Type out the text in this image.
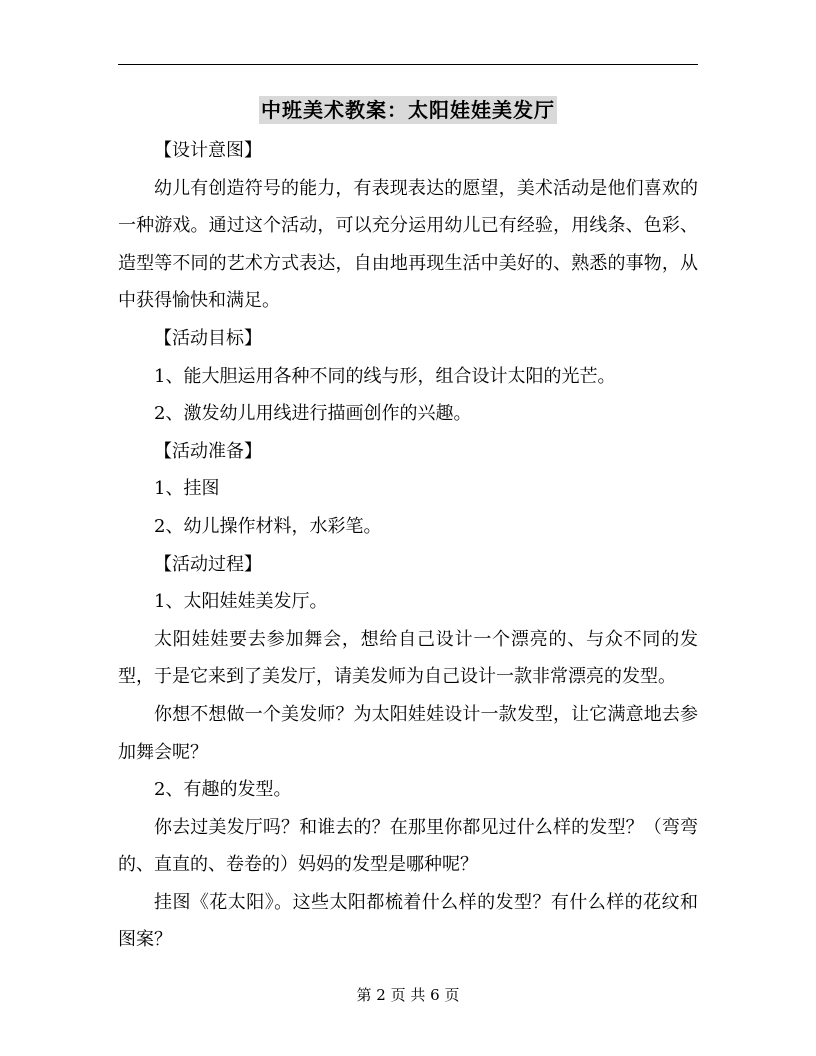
中班美术教案：太阳娃娃美发厅

【设计意图】

幼儿有创造符号的能力，有表现表达的愿望，美术活动是他们喜欢的一种游戏。通过这个活动，可以充分运用幼儿已有经验，用线条、色彩、造型等不同的艺术方式表达，自由地再现生活中美好的、熟悉的事物，从中获得愉快和满足。

【活动目标】

1、能大胆运用各种不同的线与形，组合设计太阳的光芒。

2、激发幼儿用线进行描画创作的兴趣。

【活动准备】

1、挂图

2、幼儿操作材料，水彩笔。

【活动过程】

1、太阳娃娃美发厅。

太阳娃娃要去参加舞会，想给自己设计一个漂亮的、与众不同的发型，于是它来到了美发厅，请美发师为自己设计一款非常漂亮的发型。

你想不想做一个美发师？为太阳娃娃设计一款发型，让它满意地去参加舞会呢？

2、有趣的发型。

你去过美发厅吗？和谁去的？在那里你都见过什么样的发型？（弯弯的、直直的、卷卷的）妈妈的发型是哪种呢？

挂图《花太阳》。这些太阳都梳着什么样的发型？有什么样的花纹和图案？

第 2 页 共 6 页
